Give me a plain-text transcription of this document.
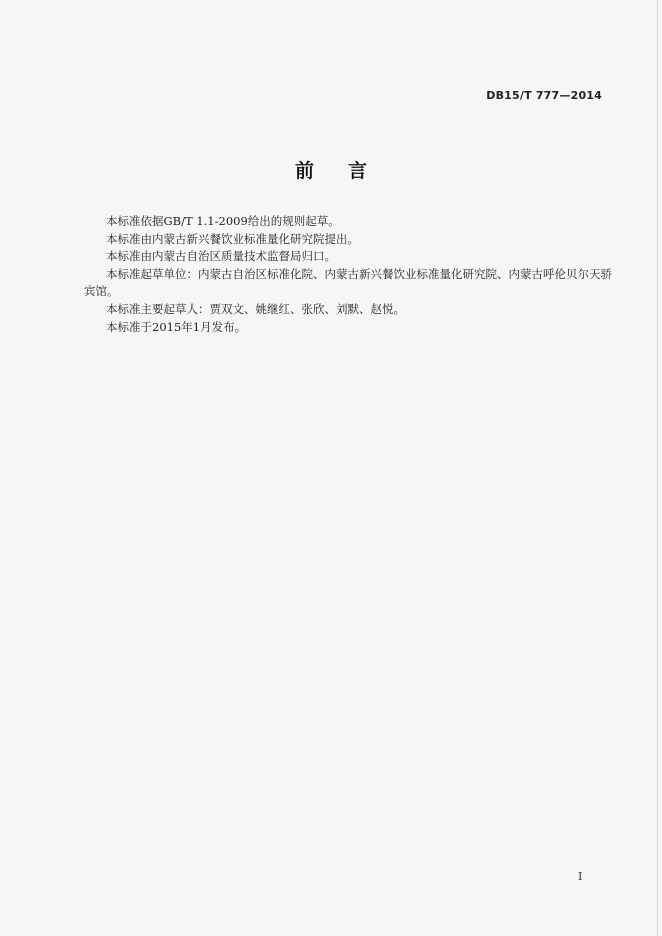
DB15/T 777—2014
前言

本标准依据GB/T 1.1-2009给出的规则起草。

本标准由内蒙古新兴餐饮业标准量化研究院提出。

本标准由内蒙古自治区质量技术监督局归口。

本标准起草单位：内蒙古自治区标准化院、内蒙古新兴餐饮业标准量化研究院、内蒙古呼伦贝尔天骄宾馆。

本标准主要起草人：贾双文、姚继红、张欣、刘默、赵悦。

本标准于2015年1月发布。

I
